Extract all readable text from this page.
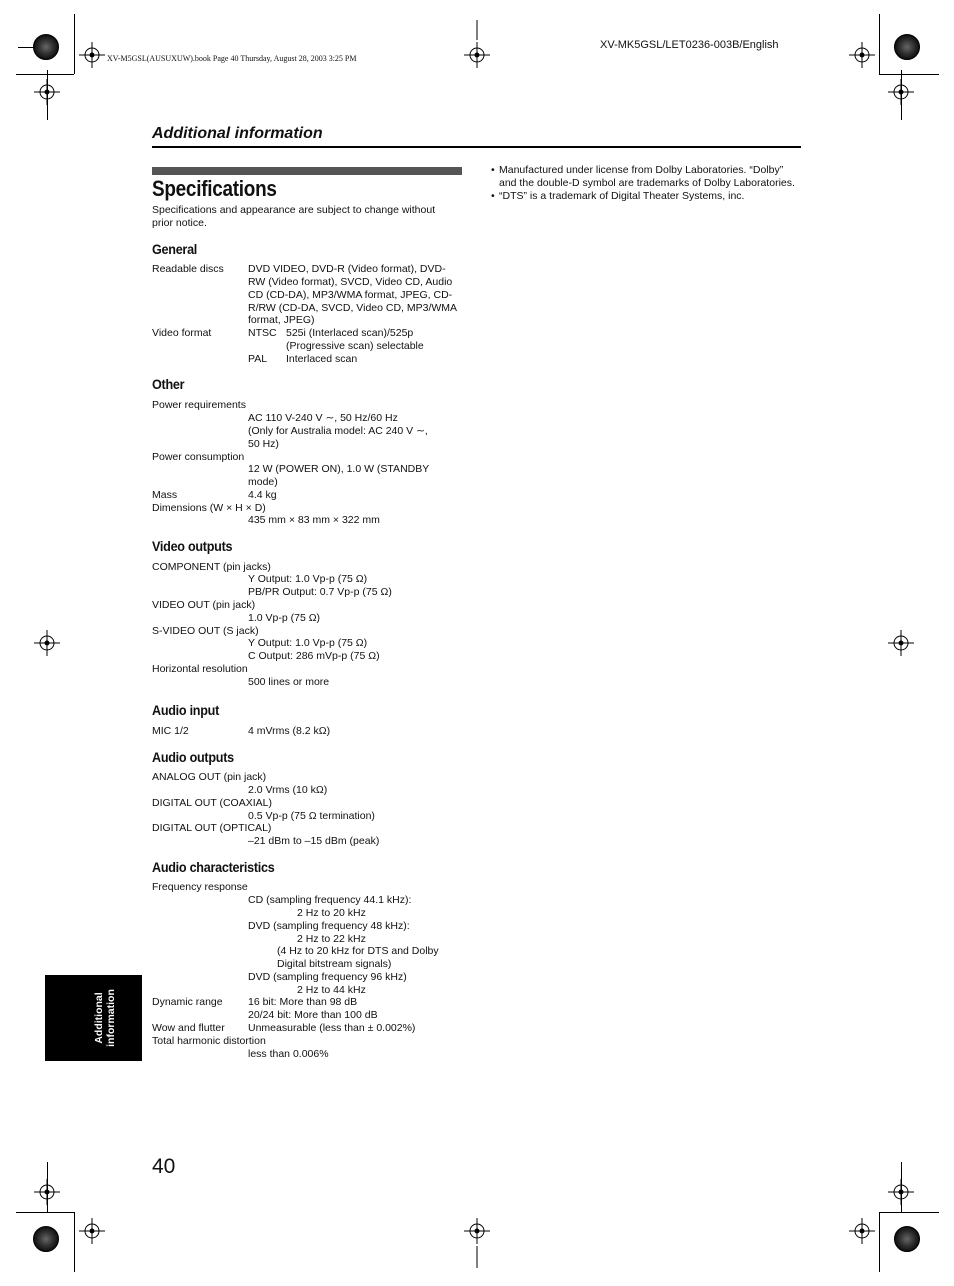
XV-M5GSL(AUSUXUW).book Page 40 Thursday, August 28, 2003 3:25 PM
XV-MK5GSL/LET0236-003B/English
Additional information
Specifications
Specifications and appearance are subject to change without
prior notice.
General
Readable discs DVD VIDEO, DVD-R (Video format), DVD-
RW (Video format), SVCD, Video CD, Audio
CD (CD-DA), MP3/WMA format, JPEG, CD-
R/RW (CD-DA, SVCD, Video CD, MP3/WMA
format, JPEG)
Video format	NTSC 525i (Interlaced scan)/525p
(Progressive scan) selectable
PAL Interlaced scan
Other
Power requirements
AC 110 V-240 V ∼, 50 Hz/60 Hz
(Only for Australia model: AC 240 V ∼,
50 Hz)
Power consumption
12 W (POWER ON), 1.0 W (STANDBY
mode)
Mass	4.4 kg
Dimensions (W × H × D)
435 mm × 83 mm × 322 mm
Video outputs
COMPONENT (pin jacks)
Y Output: 1.0 Vp-p (75 Ω)
PB/PR Output: 0.7 Vp-p (75 Ω)
VIDEO OUT (pin jack)
1.0 Vp-p (75 Ω)
S-VIDEO OUT (S jack)
Y Output: 1.0 Vp-p (75 Ω)
C Output: 286 mVp-p (75 Ω)
Horizontal resolution
500 lines or more
Audio input
MIC 1/2	4 mVrms (8.2 kΩ)
Audio outputs
ANALOG OUT (pin jack)
2.0 Vrms (10 kΩ)
DIGITAL OUT (COAXIAL)
0.5 Vp-p (75 Ω termination)
DIGITAL OUT (OPTICAL)
–21 dBm to –15 dBm (peak)
Audio characteristics
Frequency response
CD (sampling frequency 44.1 kHz):
2 Hz to 20 kHz
DVD (sampling frequency 48 kHz):
2 Hz to 22 kHz
(4 Hz to 20 kHz for DTS and Dolby
Digital bitstream signals)
DVD (sampling frequency 96 kHz)
2 Hz to 44 kHz
Dynamic range 16 bit: More than 98 dB
20/24 bit: More than 100 dB
Wow and flutter Unmeasurable (less than ± 0.002%)
Total harmonic distortion
less than 0.006%
• Manufactured under license from Dolby Laboratories. “Dolby”
and the double-D symbol are trademarks of Dolby Laboratories.
• “DTS” is a trademark of Digital Theater Systems, inc.
Additional information
40
